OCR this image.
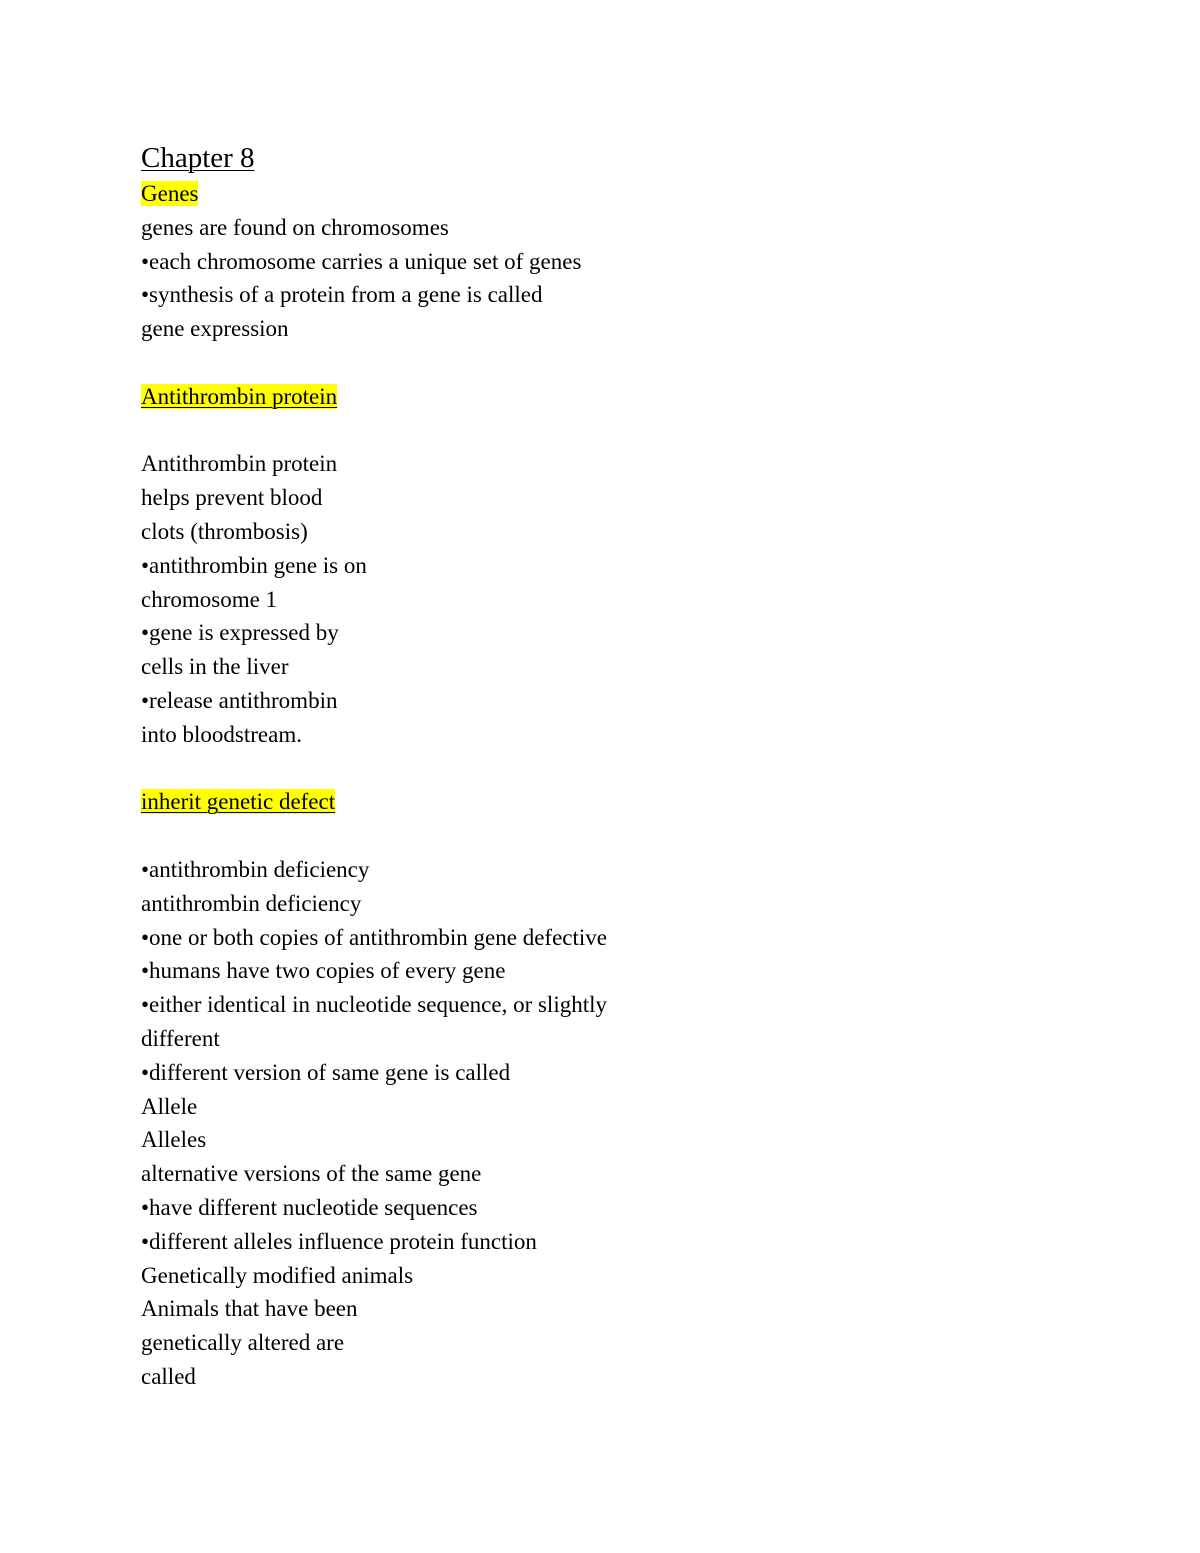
Chapter 8
Genes
genes are found on chromosomes
•each chromosome carries a unique set of genes
•synthesis of a protein from a gene is called
gene expression
Antithrombin protein
Antithrombin protein
helps prevent blood
clots (thrombosis)
•antithrombin gene is on
chromosome 1
•gene is expressed by
cells in the liver
•release antithrombin
into bloodstream.
inherit genetic defect
•antithrombin deficiency
antithrombin deficiency
•one or both copies of antithrombin gene defective
•humans have two copies of every gene
•either identical in nucleotide sequence, or slightly
different
•different version of same gene is called
Allele
Alleles
alternative versions of the same gene
•have different nucleotide sequences
•different alleles influence protein function
Genetically modified animals
Animals that have been
genetically altered are
called
